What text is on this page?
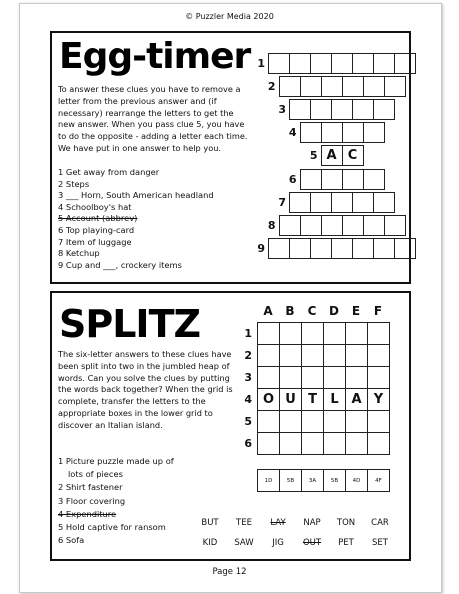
© Puzzler Media 2020
Egg-timer
To answer these clues you have to remove a letter from the previous answer and (if necessary) rearrange the letters to get the new answer. When you pass clue 5, you have to do the opposite - adding a letter each time. We have put in one answer to help you.
1 Get away from danger
2 Steps
3 ___ Horn, South American headland
4 Schoolboy's hat
5 Account (abbrev)
6 Top playing-card
7 Item of luggage
8 Ketchup
9 Cup and ___, crockery items
1
2
3
4
5 A C
6
7
8
9
SPLITZ
The six-letter answers to these clues have been split into two in the jumbled heap of words. Can you solve the clues by putting the words back together? When the grid is complete, transfer the letters to the appropriate boxes in the lower grid to discover an Italian island.
A	B	C	D	E	F
1
2
3
4 O U T	L A Y
5
6
1D	5B	3A	5B	4D	4F
1 Picture puzzle made up of
lots of pieces
2 Shirt fastener
3 Floor covering
4 Expenditure
5 Hold captive for ransom
6 Sofa
BUT	TEE	LAY	NAP	TON	CAR
KID	SAW	JIG	OUT	PET	SET
Page 12
